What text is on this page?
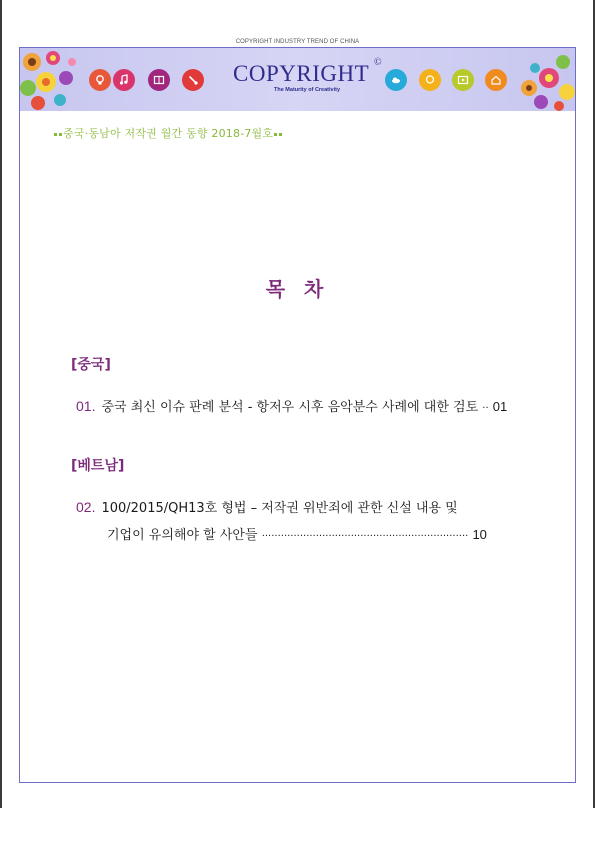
COPYRIGHT INDUSTRY TREND OF CHINA
COPYRIGHT ©
The Maturity of Creativity
중국·동남아 저작권 월간 동향 2018-7월호
목 차
[중국]
01. 중국 최신 이슈 판례 분석 - 항저우 시후 음악분수 사례에 대한 검토 ·· 01
[베트남]
02. 100/2015/QH13호 형법 – 저작권 위반죄에 관한 신설 내용 및
기업이 유의해야 할 사안들 ································································· 10
